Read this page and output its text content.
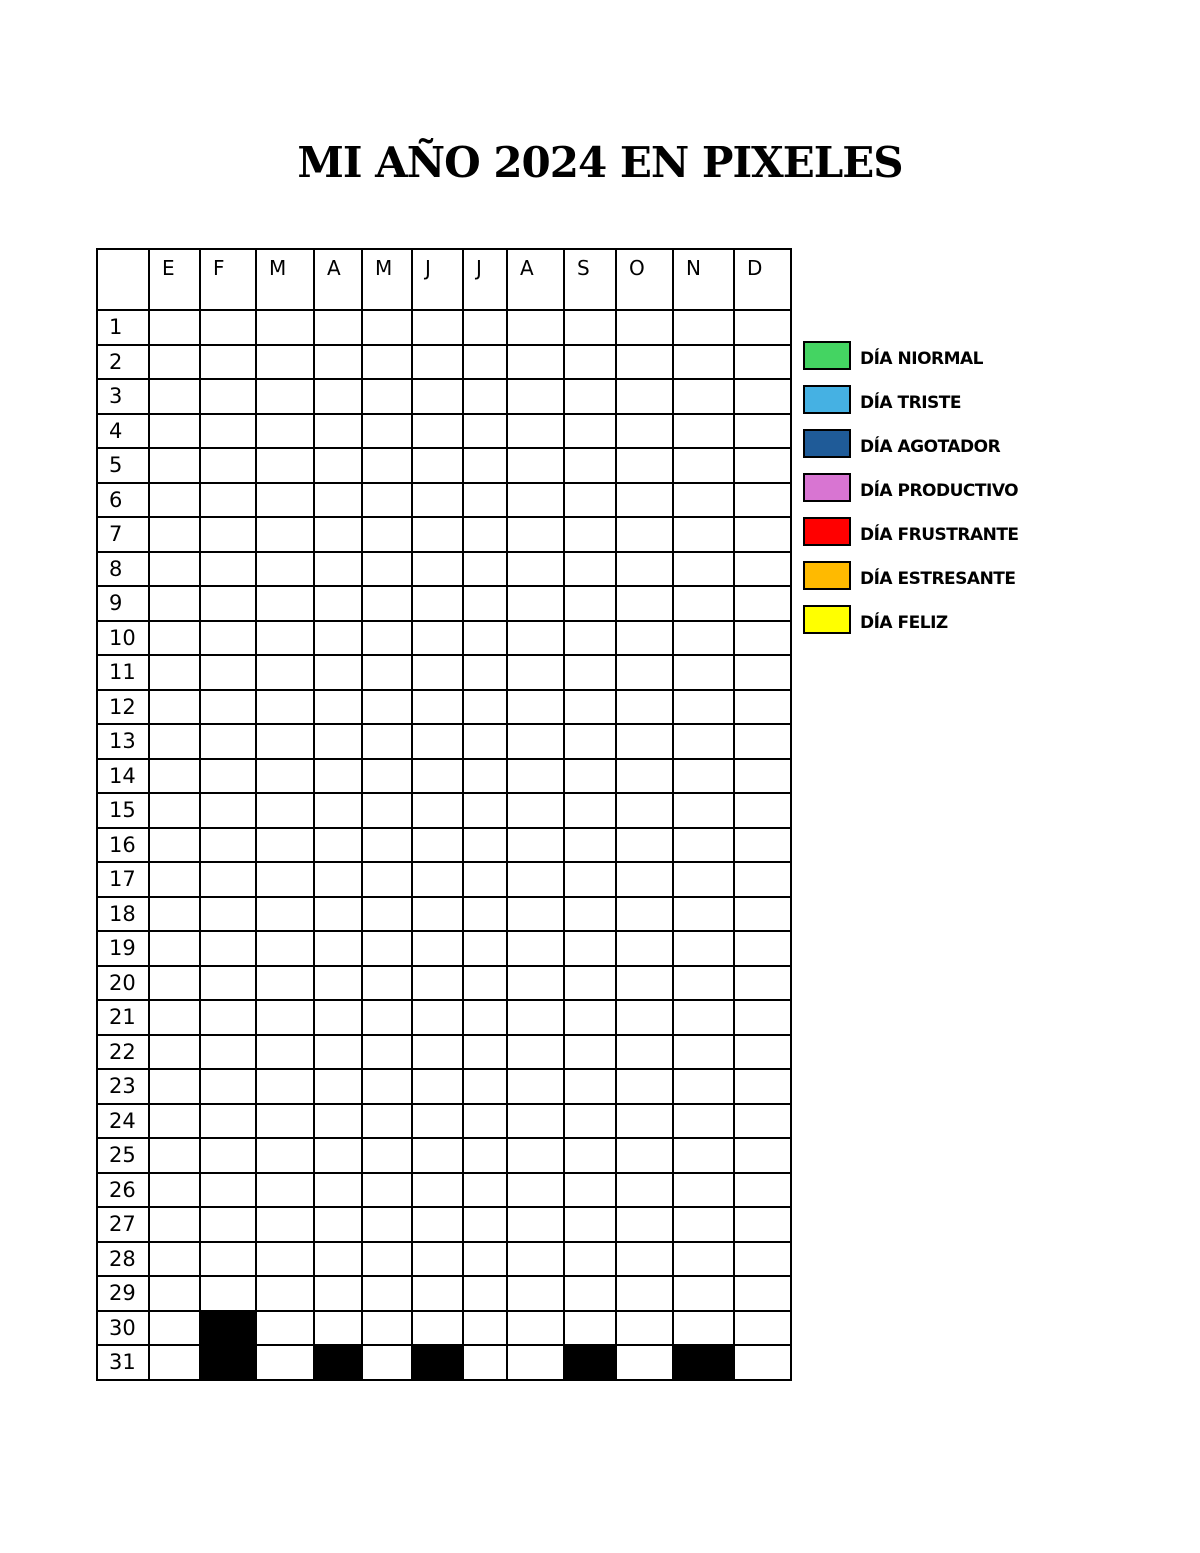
MI AÑO 2024 EN PIXELES
	E	F	M	A	M	J	J	A	S	O	N	D
1												
2												
3												
4												
5												
6												
7												
8												
9												
10												
11												
12												
13												
14												
15												
16												
17												
18												
19												
20												
21												
22												
23												
24												
25												
26												
27												
28												
29												
30												
31												
DÍA NIORMAL
DÍA TRISTE
DÍA AGOTADOR
DÍA PRODUCTIVO
DÍA FRUSTRANTE
DÍA ESTRESANTE
DÍA FELIZ
